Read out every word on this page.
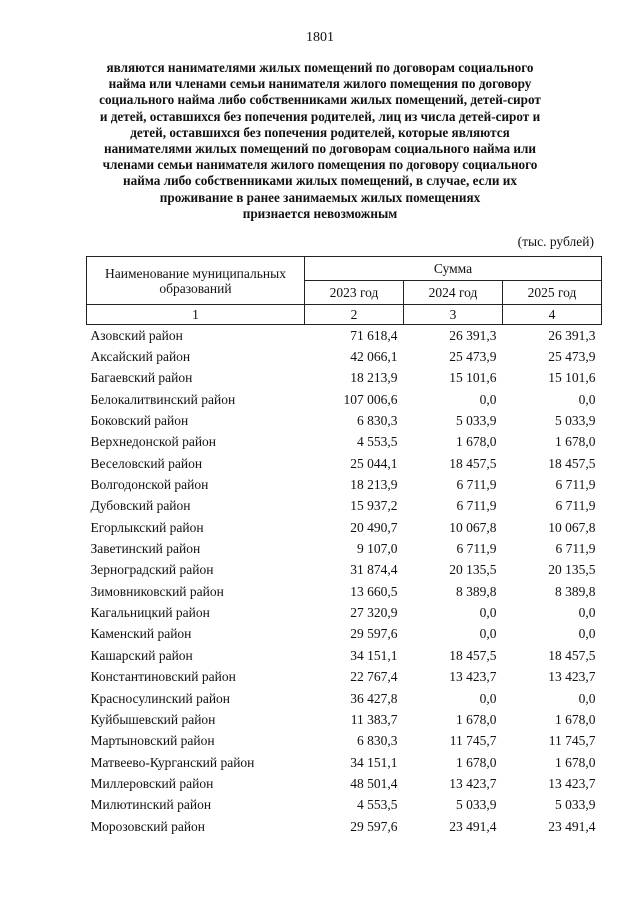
1801
являются нанимателями жилых помещений по договорам социального
найма или членами семьи нанимателя жилого помещения по договору
социального найма либо собственниками жилых помещений, детей-сирот
и детей, оставшихся без попечения родителей, лиц из числа детей-сирот и
детей, оставшихся без попечения родителей, которые являются
нанимателями жилых помещений по договорам социального найма или
членами семьи нанимателя жилого помещения по договору социального
найма либо собственниками жилых помещений, в случае, если их
проживание в ранее занимаемых жилых помещениях
признается невозможным
(тыс. рублей)
Наименование муниципальных образований	Сумма		
	2023 год	2024 год	2025 год
1	2	3	4
Азовский район	71 618,4	26 391,3	26 391,3
Аксайский район	42 066,1	25 473,9	25 473,9
Багаевский район	18 213,9	15 101,6	15 101,6
Белокалитвинский район	107 006,6	0,0	0,0
Боковский район	6 830,3	5 033,9	5 033,9
Верхнедонской район	4 553,5	1 678,0	1 678,0
Веселовский район	25 044,1	18 457,5	18 457,5
Волгодонской район	18 213,9	6 711,9	6 711,9
Дубовский район	15 937,2	6 711,9	6 711,9
Егорлыкский район	20 490,7	10 067,8	10 067,8
Заветинский район	9 107,0	6 711,9	6 711,9
Зерноградский район	31 874,4	20 135,5	20 135,5
Зимовниковский район	13 660,5	8 389,8	8 389,8
Кагальницкий район	27 320,9	0,0	0,0
Каменский район	29 597,6	0,0	0,0
Кашарский район	34 151,1	18 457,5	18 457,5
Константиновский район	22 767,4	13 423,7	13 423,7
Красносулинский район	36 427,8	0,0	0,0
Куйбышевский район	11 383,7	1 678,0	1 678,0
Мартыновский район	6 830,3	11 745,7	11 745,7
Матвеево-Курганский район	34 151,1	1 678,0	1 678,0
Миллеровский район	48 501,4	13 423,7	13 423,7
Милютинский район	4 553,5	5 033,9	5 033,9
Морозовский район	29 597,6	23 491,4	23 491,4
